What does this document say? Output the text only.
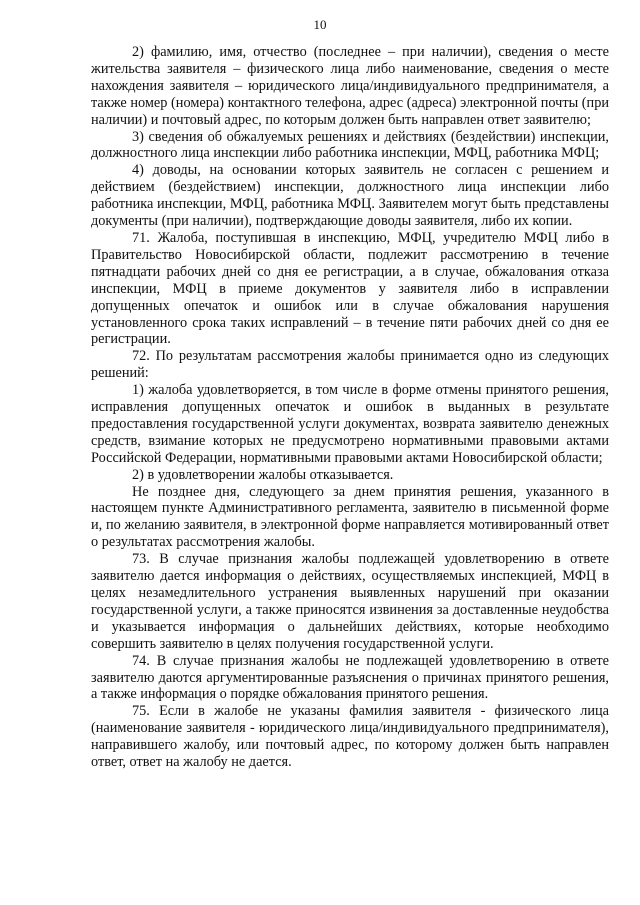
10

2) фамилию, имя, отчество (последнее – при наличии), сведения о месте жительства заявителя – физического лица либо наименование, сведения о месте нахождения заявителя – юридического лица/индивидуального предпринимателя, а также номер (номера) контактного телефона, адрес (адреса) электронной почты (при наличии) и почтовый адрес, по которым должен быть направлен ответ заявителю;

3) сведения об обжалуемых решениях и действиях (бездействии) инспекции, должностного лица инспекции либо работника инспекции, МФЦ, работника МФЦ;

4) доводы, на основании которых заявитель не согласен с решением и действием (бездействием) инспекции, должностного лица инспекции либо работника инспекции, МФЦ, работника МФЦ. Заявителем могут быть представлены документы (при наличии), подтверждающие доводы заявителя, либо их копии.

71. Жалоба, поступившая в инспекцию, МФЦ, учредителю МФЦ либо в Правительство Новосибирской области, подлежит рассмотрению в течение пятнадцати рабочих дней со дня ее регистрации, а в случае, обжалования отказа инспекции, МФЦ в приеме документов у заявителя либо в исправлении допущенных опечаток и ошибок или в случае обжалования нарушения установленного срока таких исправлений – в течение пяти рабочих дней со дня ее регистрации.

72. По результатам рассмотрения жалобы принимается одно из следующих решений:

1) жалоба удовлетворяется, в том числе в форме отмены принятого решения, исправления допущенных опечаток и ошибок в выданных в результате предоставления государственной услуги документах, возврата заявителю денежных средств, взимание которых не предусмотрено нормативными правовыми актами Российской Федерации, нормативными правовыми актами Новосибирской области;

2) в удовлетворении жалобы отказывается.

Не позднее дня, следующего за днем принятия решения, указанного в настоящем пункте Административного регламента, заявителю в письменной форме и, по желанию заявителя, в электронной форме направляется мотивированный ответ о результатах рассмотрения жалобы.

73. В случае признания жалобы подлежащей удовлетворению в ответе заявителю дается информация о действиях, осуществляемых инспекцией, МФЦ в целях незамедлительного устранения выявленных нарушений при оказании государственной услуги, а также приносятся извинения за доставленные неудобства и указывается информация о дальнейших действиях, которые необходимо совершить заявителю в целях получения государственной услуги.

74. В случае признания жалобы не подлежащей удовлетворению в ответе заявителю даются аргументированные разъяснения о причинах принятого решения, а также информация о порядке обжалования принятого решения.

75. Если в жалобе не указаны фамилия заявителя - физического лица (наименование заявителя - юридического лица/индивидуального предпринимателя), направившего жалобу, или почтовый адрес, по которому должен быть направлен ответ, ответ на жалобу не дается.
